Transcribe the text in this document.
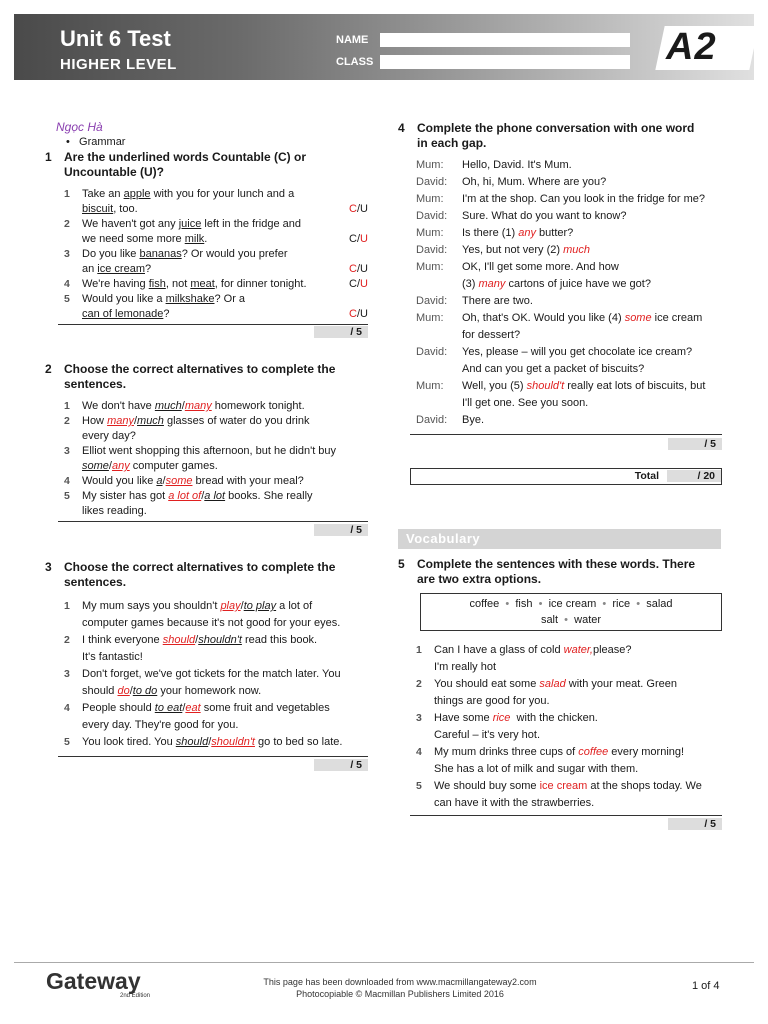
Unit 6 Test
HIGHER LEVEL
NAME
CLASS	A2
Ngọc Hà
•   Grammar
1 Are the underlined words Countable (C) or
Uncountable (U)?
1 Take an apple with you for your lunch and a
biscuit, too.	C/U
2 We haven't got any juice left in the fridge and
we need some more milk.	C/U
3 Do you like bananas? Or would you prefer
an ice cream?	C/U
4 We're having fish, not meat, for dinner tonight.	C/U
5 Would you like a milkshake? Or a
can of lemonade?	C/U
/ 5
2 Choose the correct alternatives to complete the
sentences.
1 We don't have much/many homework tonight.
2 How many/much glasses of water do you drink
every day?
3 Elliot went shopping this afternoon, but he didn't buy
some/any computer games.
4 Would you like a/some bread with your meal?
5 My sister has got a lot of/a lot books. She really
likes reading.
/ 5
3 Choose the correct alternatives to complete the
sentences.
1 My mum says you shouldn't play/to play a lot of
computer games because it's not good for your eyes.
2 I think everyone should/shouldn't read this book.
It's fantastic!
3 Don't forget, we've got tickets for the match later. You
should do/to do your homework now.
4 People should to eat/eat some fruit and vegetables
every day. They're good for you.
5 You look tired. You should/shouldn't go to bed so late.
/ 5
4 Complete the phone conversation with one word
in each gap.
Mum: Hello, David. It's Mum.
David: Oh, hi, Mum. Where are you?
Mum: I'm at the shop. Can you look in the fridge for me?
David: Sure. What do you want to know?
Mum: Is there (1) any butter?
David: Yes, but not very (2) much
Mum: OK, I'll get some more. And how
(3) many cartons of juice have we got?
David: There are two.
Mum: Oh, that's OK. Would you like (4) some ice cream
for dessert?
David: Yes, please – will you get chocolate ice cream?
And can you get a packet of biscuits?
Mum: Well, you (5) should't really eat lots of biscuits, but
I'll get one. See you soon.
David: Bye.
/ 5
Total	/ 20
Vocabulary
5 Complete the sentences with these words. There
are two extra options.
coffee  •  fish  •  ice cream  •  rice  •  salad
salt  •  water
1 Can I have a glass of cold water,please?
I'm really hot
2 You should eat some salad with your meat. Green
things are good for you.
3 Have some rice  with the chicken.
Careful – it's very hot.
4 My mum drinks three cups of coffee every morning!
She has a lot of milk and sugar with them.
5 We should buy some ice cream at the shops today. We
can have it with the strawberries.
/ 5
Gateway
2nd Edition
This page has been downloaded from www.macmillangateway2.com
Photocopiable © Macmillan Publishers Limited 2016
1 of 4
